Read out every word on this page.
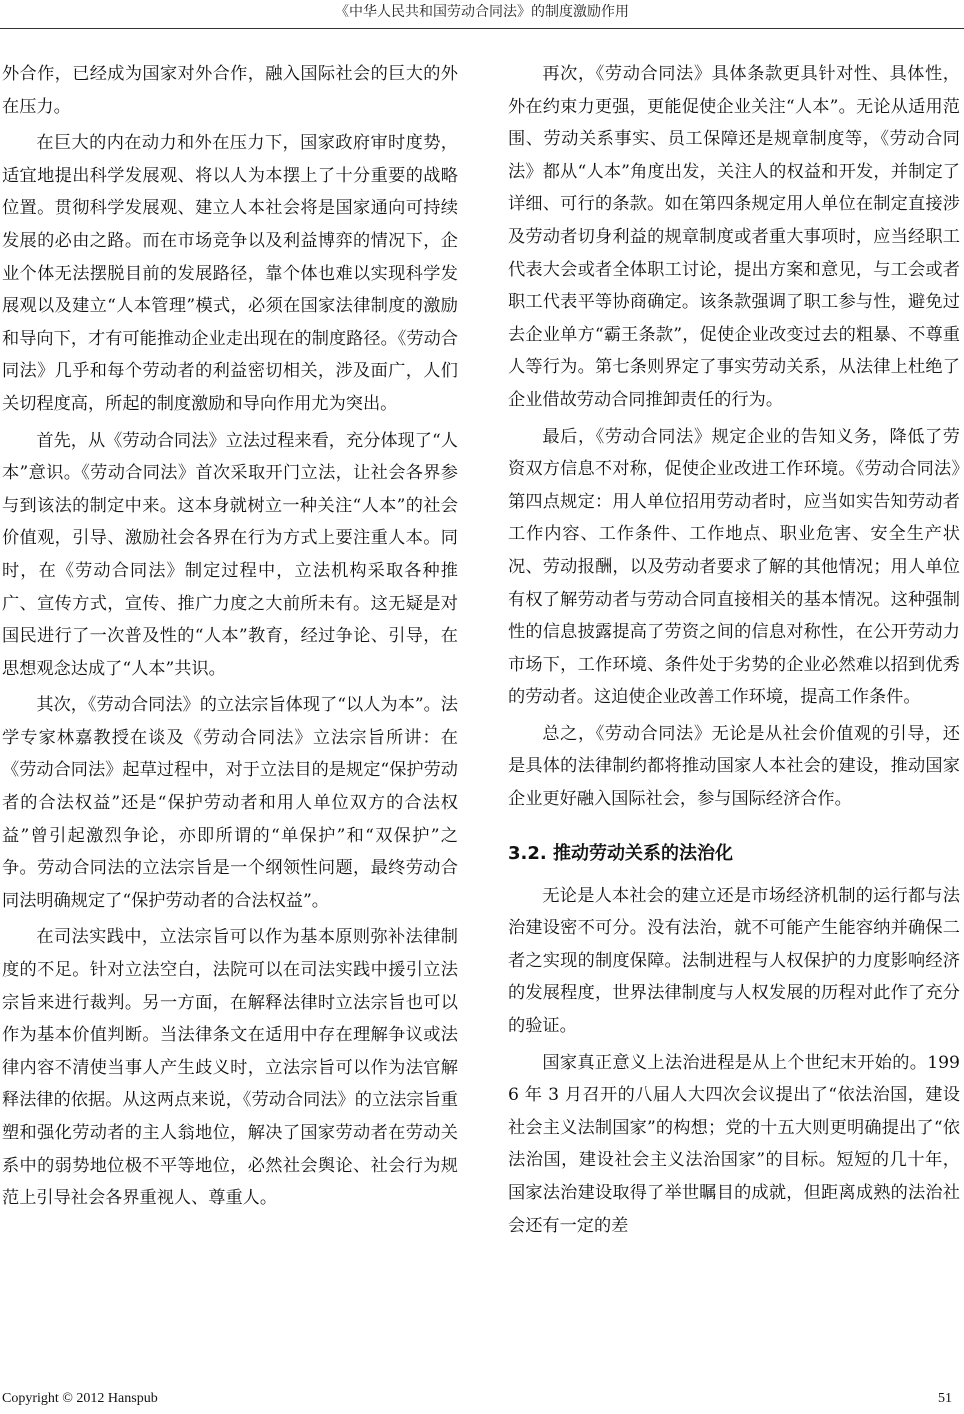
《中华人民共和国劳动合同法》的制度激励作用

外合作，已经成为国家对外合作，融入国际社会的巨大的外在压力。

在巨大的内在动力和外在压力下，国家政府审时度势，适宜地提出科学发展观、将以人为本摆上了十分重要的战略位置。贯彻科学发展观、建立人本社会将是国家通向可持续发展的必由之路。而在市场竞争以及利益博弈的情况下，企业个体无法摆脱目前的发展路径，靠个体也难以实现科学发展观以及建立“人本管理”模式，必须在国家法律制度的激励和导向下，才有可能推动企业走出现在的制度路径。《劳动合同法》几乎和每个劳动者的利益密切相关，涉及面广，人们关切程度高，所起的制度激励和导向作用尤为突出。

首先，从《劳动合同法》立法过程来看，充分体现了“人本”意识。《劳动合同法》首次采取开门立法，让社会各界参与到该法的制定中来。这本身就树立一种关注“人本”的社会价值观，引导、激励社会各界在行为方式上要注重人本。同时，在《劳动合同法》制定过程中，立法机构采取各种推广、宣传方式，宣传、推广力度之大前所未有。这无疑是对国民进行了一次普及性的“人本”教育，经过争论、引导，在思想观念达成了“人本”共识。

其次，《劳动合同法》的立法宗旨体现了“以人为本”。法学专家林嘉教授在谈及《劳动合同法》立法宗旨所讲：在《劳动合同法》起草过程中，对于立法目的是规定“保护劳动者的合法权益”还是“保护劳动者和用人单位双方的合法权益”曾引起激烈争论，亦即所谓的“单保护”和“双保护”之争。劳动合同法的立法宗旨是一个纲领性问题，最终劳动合同法明确规定了“保护劳动者的合法权益”。

在司法实践中，立法宗旨可以作为基本原则弥补法律制度的不足。针对立法空白，法院可以在司法实践中援引立法宗旨来进行裁判。另一方面，在解释法律时立法宗旨也可以作为基本价值判断。当法律条文在适用中存在理解争议或法律内容不清使当事人产生歧义时，立法宗旨可以作为法官解释法律的依据。从这两点来说，《劳动合同法》的立法宗旨重塑和强化劳动者的主人翁地位，解决了国家劳动者在劳动关系中的弱势地位极不平等地位，必然社会舆论、社会行为规范上引导社会各界重视人、尊重人。

再次，《劳动合同法》具体条款更具针对性、具体性，外在约束力更强，更能促使企业关注“人本”。无论从适用范围、劳动关系事实、员工保障还是规章制度等，《劳动合同法》都从“人本”角度出发，关注人的权益和开发，并制定了详细、可行的条款。如在第四条规定用人单位在制定直接涉及劳动者切身利益的规章制度或者重大事项时，应当经职工代表大会或者全体职工讨论，提出方案和意见，与工会或者职工代表平等协商确定。该条款强调了职工参与性，避免过去企业单方“霸王条款”，促使企业改变过去的粗暴、不尊重人等行为。第七条则界定了事实劳动关系，从法律上杜绝了企业借故劳动合同推卸责任的行为。

最后，《劳动合同法》规定企业的告知义务，降低了劳资双方信息不对称，促使企业改进工作环境。《劳动合同法》第四点规定：用人单位招用劳动者时，应当如实告知劳动者工作内容、工作条件、工作地点、职业危害、安全生产状况、劳动报酬，以及劳动者要求了解的其他情况；用人单位有权了解劳动者与劳动合同直接相关的基本情况。这种强制性的信息披露提高了劳资之间的信息对称性，在公开劳动力市场下，工作环境、条件处于劣势的企业必然难以招到优秀的劳动者。这迫使企业改善工作环境，提高工作条件。

总之，《劳动合同法》无论是从社会价值观的引导，还是具体的法律制约都将推动国家人本社会的建设，推动国家企业更好融入国际社会，参与国际经济合作。

3.2. 推动劳动关系的法治化

无论是人本社会的建立还是市场经济机制的运行都与法治建设密不可分。没有法治，就不可能产生能容纳并确保二者之实现的制度保障。法制进程与人权保护的力度影响经济的发展程度，世界法律制度与人权发展的历程对此作了充分的验证。

国家真正意义上法治进程是从上个世纪末开始的。1996 年 3 月召开的八届人大四次会议提出了“依法治国，建设社会主义法制国家”的构想；党的十五大则更明确提出了“依法治国，建设社会主义法治国家”的目标。短短的几十年，国家法治建设取得了举世瞩目的成就，但距离成熟的法治社会还有一定的差

Copyright © 2012 Hanspub	51
